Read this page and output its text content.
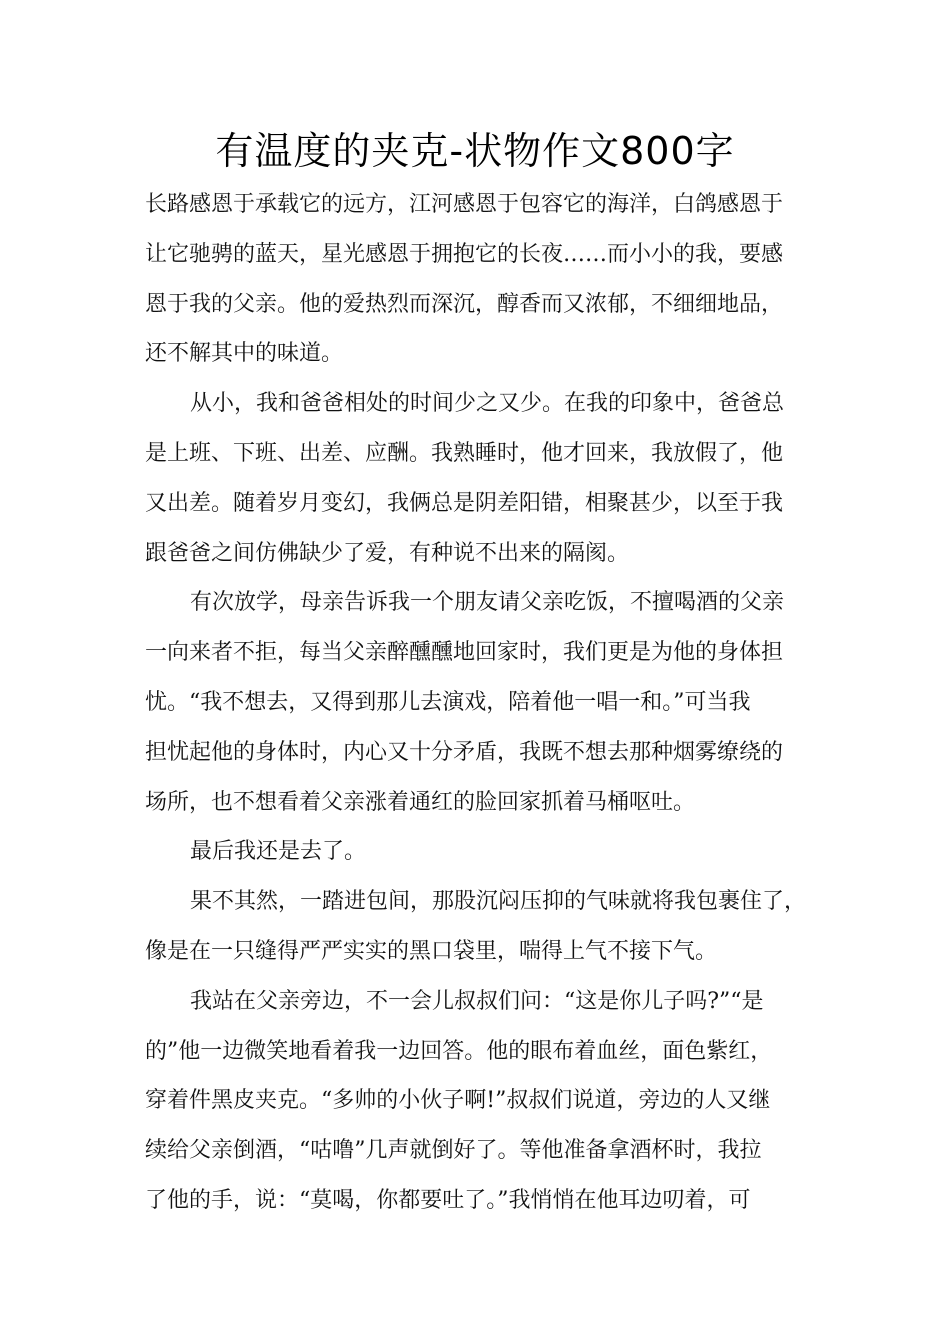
有温度的夹克-状物作文800字
长路感恩于承载它的远方，江河感恩于包容它的海洋，白鸽感恩于
让它驰骋的蓝天，星光感恩于拥抱它的长夜……而小小的我，要感
恩于我的父亲。他的爱热烈而深沉，醇香而又浓郁，不细细地品，
还不解其中的味道。
从小，我和爸爸相处的时间少之又少。在我的印象中，爸爸总
是上班、下班、出差、应酬。我熟睡时，他才回来，我放假了，他
又出差。随着岁月变幻，我俩总是阴差阳错，相聚甚少，以至于我
跟爸爸之间仿佛缺少了爱，有种说不出来的隔阂。
有次放学，母亲告诉我一个朋友请父亲吃饭，不擅喝酒的父亲
一向来者不拒，每当父亲醉醺醺地回家时，我们更是为他的身体担
忧。“我不想去，又得到那儿去演戏，陪着他一唱一和。”可当我
担忧起他的身体时，内心又十分矛盾，我既不想去那种烟雾缭绕的
场所，也不想看着父亲涨着通红的脸回家抓着马桶呕吐。
最后我还是去了。
果不其然，一踏进包间，那股沉闷压抑的气味就将我包裹住了，
像是在一只缝得严严实实的黑口袋里，喘得上气不接下气。
我站在父亲旁边，不一会儿叔叔们问：“这是你儿子吗?”“是
的”他一边微笑地看着我一边回答。他的眼布着血丝，面色紫红，
穿着件黑皮夹克。“多帅的小伙子啊!”叔叔们说道，旁边的人又继
续给父亲倒酒，“咕噜”几声就倒好了。等他准备拿酒杯时，我拉
了他的手，说：“莫喝，你都要吐了。”我悄悄在他耳边叨着，可
